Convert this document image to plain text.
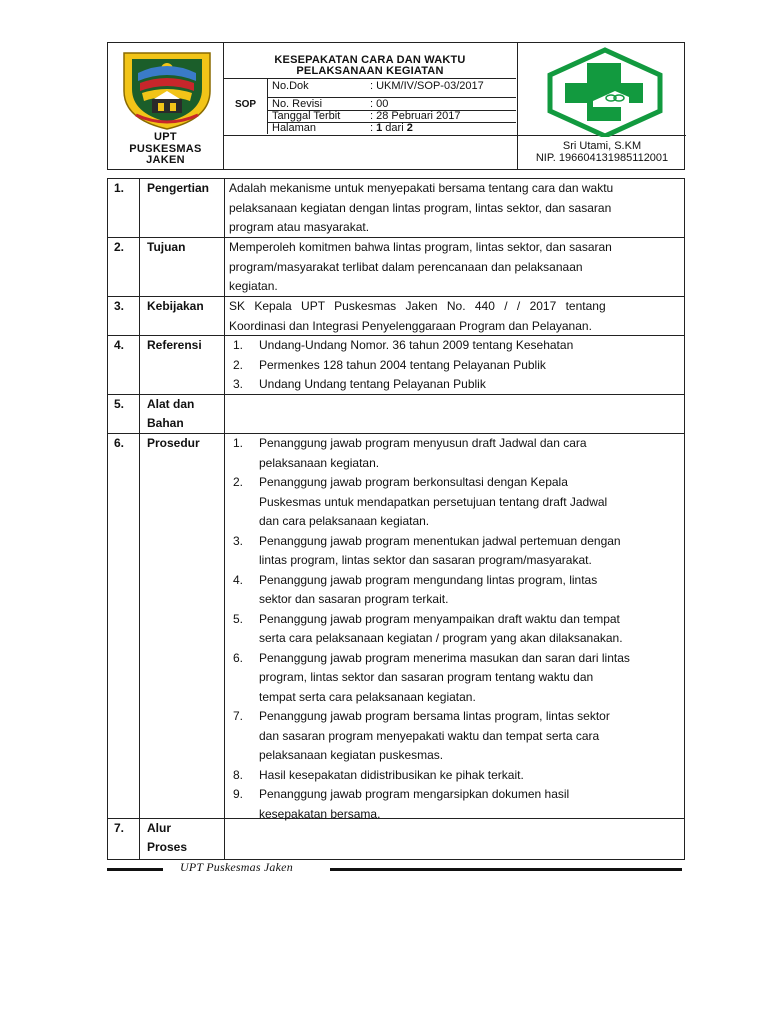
UPT
PUSKESMAS
JAKEN
KESEPAKATAN CARA DAN WAKTU
PELAKSANAAN KEGIATAN
SOP
No.Dok	: UKM/IV/SOP-03/2017
No. Revisi	: 00
Tanggal Terbit	: 28 Pebruari 2017
Halaman	: 1 dari 2
Sri Utami, S.KM
NIP. 196604131985112001
1. Pengertian	Adalah mekanisme untuk menyepakati bersama tentang cara dan waktu
pelaksanaan kegiatan dengan lintas program, lintas sektor, dan sasaran
program atau masyarakat.
2. Tujuan	Memperoleh komitmen bahwa lintas program, lintas sektor, dan sasaran
program/masyarakat terlibat dalam perencanaan dan pelaksanaan
kegiatan.
3. Kebijakan	SK Kepala UPT Puskesmas Jaken No. 440 / / 2017 tentang
Koordinasi dan Integrasi Penyelenggaraan Program dan Pelayanan.
4. Referensi	1. Undang-Undang Nomor. 36 tahun 2009 tentang Kesehatan
2. Permenkes 128 tahun 2004 tentang Pelayanan Publik
3. Undang Undang tentang Pelayanan Publik
5. Alat dan
Bahan
6. Prosedur	1. Penanggung jawab program menyusun draft Jadwal dan cara
pelaksanaan kegiatan.
2. Penanggung jawab program berkonsultasi dengan Kepala
Puskesmas untuk mendapatkan persetujuan tentang draft Jadwal
dan cara pelaksanaan kegiatan.
3. Penanggung jawab program menentukan jadwal pertemuan dengan
lintas program, lintas sektor dan sasaran program/masyarakat.
4. Penanggung jawab program mengundang lintas program, lintas
sektor dan sasaran program terkait.
5. Penanggung jawab program menyampaikan draft waktu dan tempat
serta cara pelaksanaan kegiatan / program yang akan dilaksanakan.
6. Penanggung jawab program menerima masukan dan saran dari lintas
program, lintas sektor dan sasaran program tentang waktu dan
tempat serta cara pelaksanaan kegiatan.
7. Penanggung jawab program bersama lintas program, lintas sektor
dan sasaran program menyepakati waktu dan tempat serta cara
pelaksanaan kegiatan puskesmas.
8. Hasil kesepakatan didistribusikan ke pihak terkait.
9. Penanggung jawab program mengarsipkan dokumen hasil
kesepakatan bersama.
7. Alur
Proses
UPT Puskesmas Jaken
